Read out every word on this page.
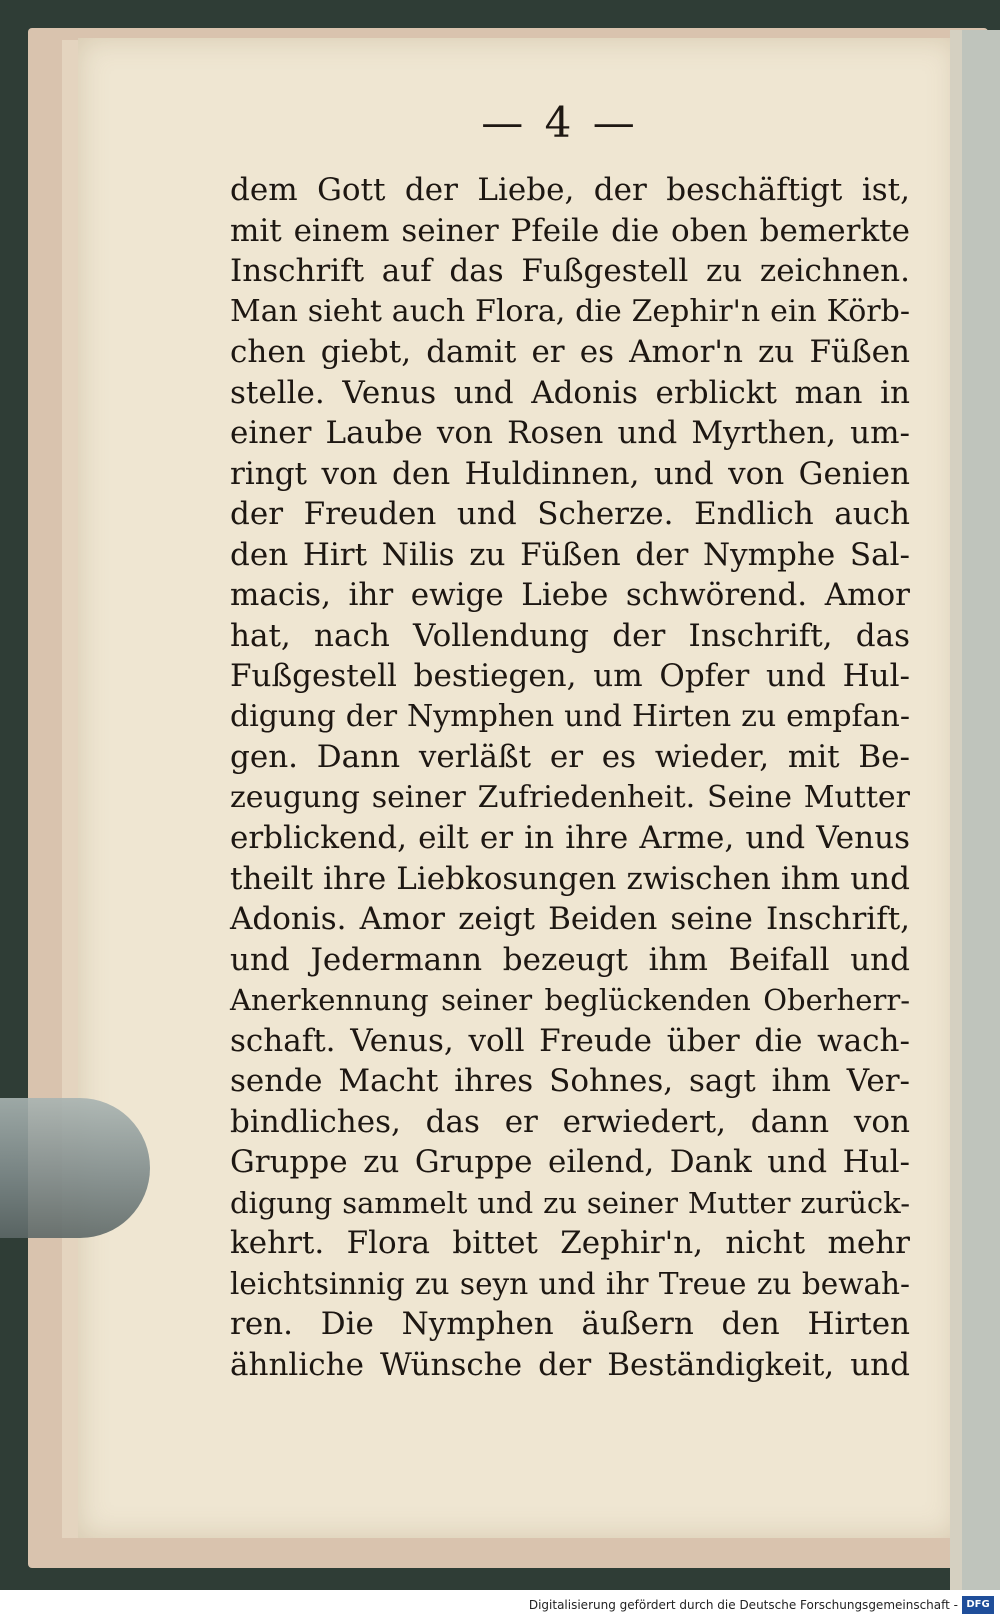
— 4 —
dem Gott der Liebe, der beschäftigt ist,
mit einem seiner Pfeile die oben bemerkte
Inschrift auf das Fußgestell zu zeichnen.
Man sieht auch Flora, die Zephir'n ein Körb-
chen giebt, damit er es Amor'n zu Füßen
stelle. Venus und Adonis erblickt man in
einer Laube von Rosen und Myrthen, um-
ringt von den Huldinnen, und von Genien
der Freuden und Scherze. Endlich auch
den Hirt Nilis zu Füßen der Nymphe Sal-
macis, ihr ewige Liebe schwörend. Amor
hat, nach Vollendung der Inschrift, das
Fußgestell bestiegen, um Opfer und Hul-
digung der Nymphen und Hirten zu empfan-
gen. Dann verläßt er es wieder, mit Be-
zeugung seiner Zufriedenheit. Seine Mutter
erblickend, eilt er in ihre Arme, und Venus
theilt ihre Liebkosungen zwischen ihm und
Adonis. Amor zeigt Beiden seine Inschrift,
und Jedermann bezeugt ihm Beifall und
Anerkennung seiner beglückenden Oberherr-
schaft. Venus, voll Freude über die wach-
sende Macht ihres Sohnes, sagt ihm Ver-
bindliches, das er erwiedert, dann von
Gruppe zu Gruppe eilend, Dank und Hul-
digung sammelt und zu seiner Mutter zurück-
kehrt. Flora bittet Zephir'n, nicht mehr
leichtsinnig zu seyn und ihr Treue zu bewah-
ren. Die Nymphen äußern den Hirten
ähnliche Wünsche der Beständigkeit, und
Digitalisierung gefördert durch die Deutsche Forschungsgemeinschaft - DFG
